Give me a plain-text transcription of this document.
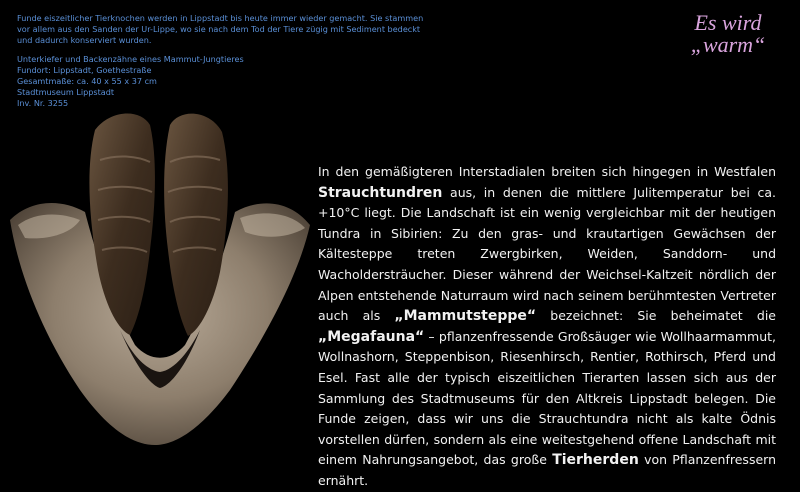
Funde eiszeitlicher Tierknochen werden in Lippstadt bis heute immer wieder gemacht. Sie stammen
vor allem aus den Sanden der Ur-Lippe, wo sie nach dem Tod der Tiere zügig mit Sediment bedeckt
und dadurch konserviert wurden.

Unterkiefer und Backenzähne eines Mammut-Jungtieres
Fundort: Lippstadt, Goethestraße
Gesamtmaße: ca. 40 x 55 x 37 cm
Stadtmuseum Lippstadt
Inv. Nr. 3255

Es wird
„warm“
In den gemäßigteren Interstadialen breiten sich hingegen in Westfalen Strauchtundren aus, in denen die mittlere Julitemperatur bei ca. +10°C liegt. Die Landschaft ist ein wenig vergleichbar mit der heutigen Tundra in Sibirien: Zu den gras- und krautartigen Gewächsen der Kältesteppe treten Zwergbirken, Weiden, Sanddorn- und Wacholdersträucher. Dieser während der Weichsel-Kaltzeit nördlich der Alpen entstehende Naturraum wird nach seinem berühmtesten Vertreter auch als „Mammutsteppe“ bezeichnet: Sie beheimatet die „Megafauna“ – pflanzenfressende Großsäuger wie Wollhaarmammut, Wollnashorn, Steppenbison, Riesenhirsch, Rentier, Rothirsch, Pferd und Esel. Fast alle der typisch eiszeitlichen Tierarten lassen sich aus der Sammlung des Stadtmuseums für den Altkreis Lippstadt belegen. Die Funde zeigen, dass wir uns die Strauchtundra nicht als kalte Ödnis vorstellen dürfen, sondern als eine weitestgehend offene Landschaft mit einem Nahrungsangebot, das große Tierherden von Pflanzenfressern ernährt.
